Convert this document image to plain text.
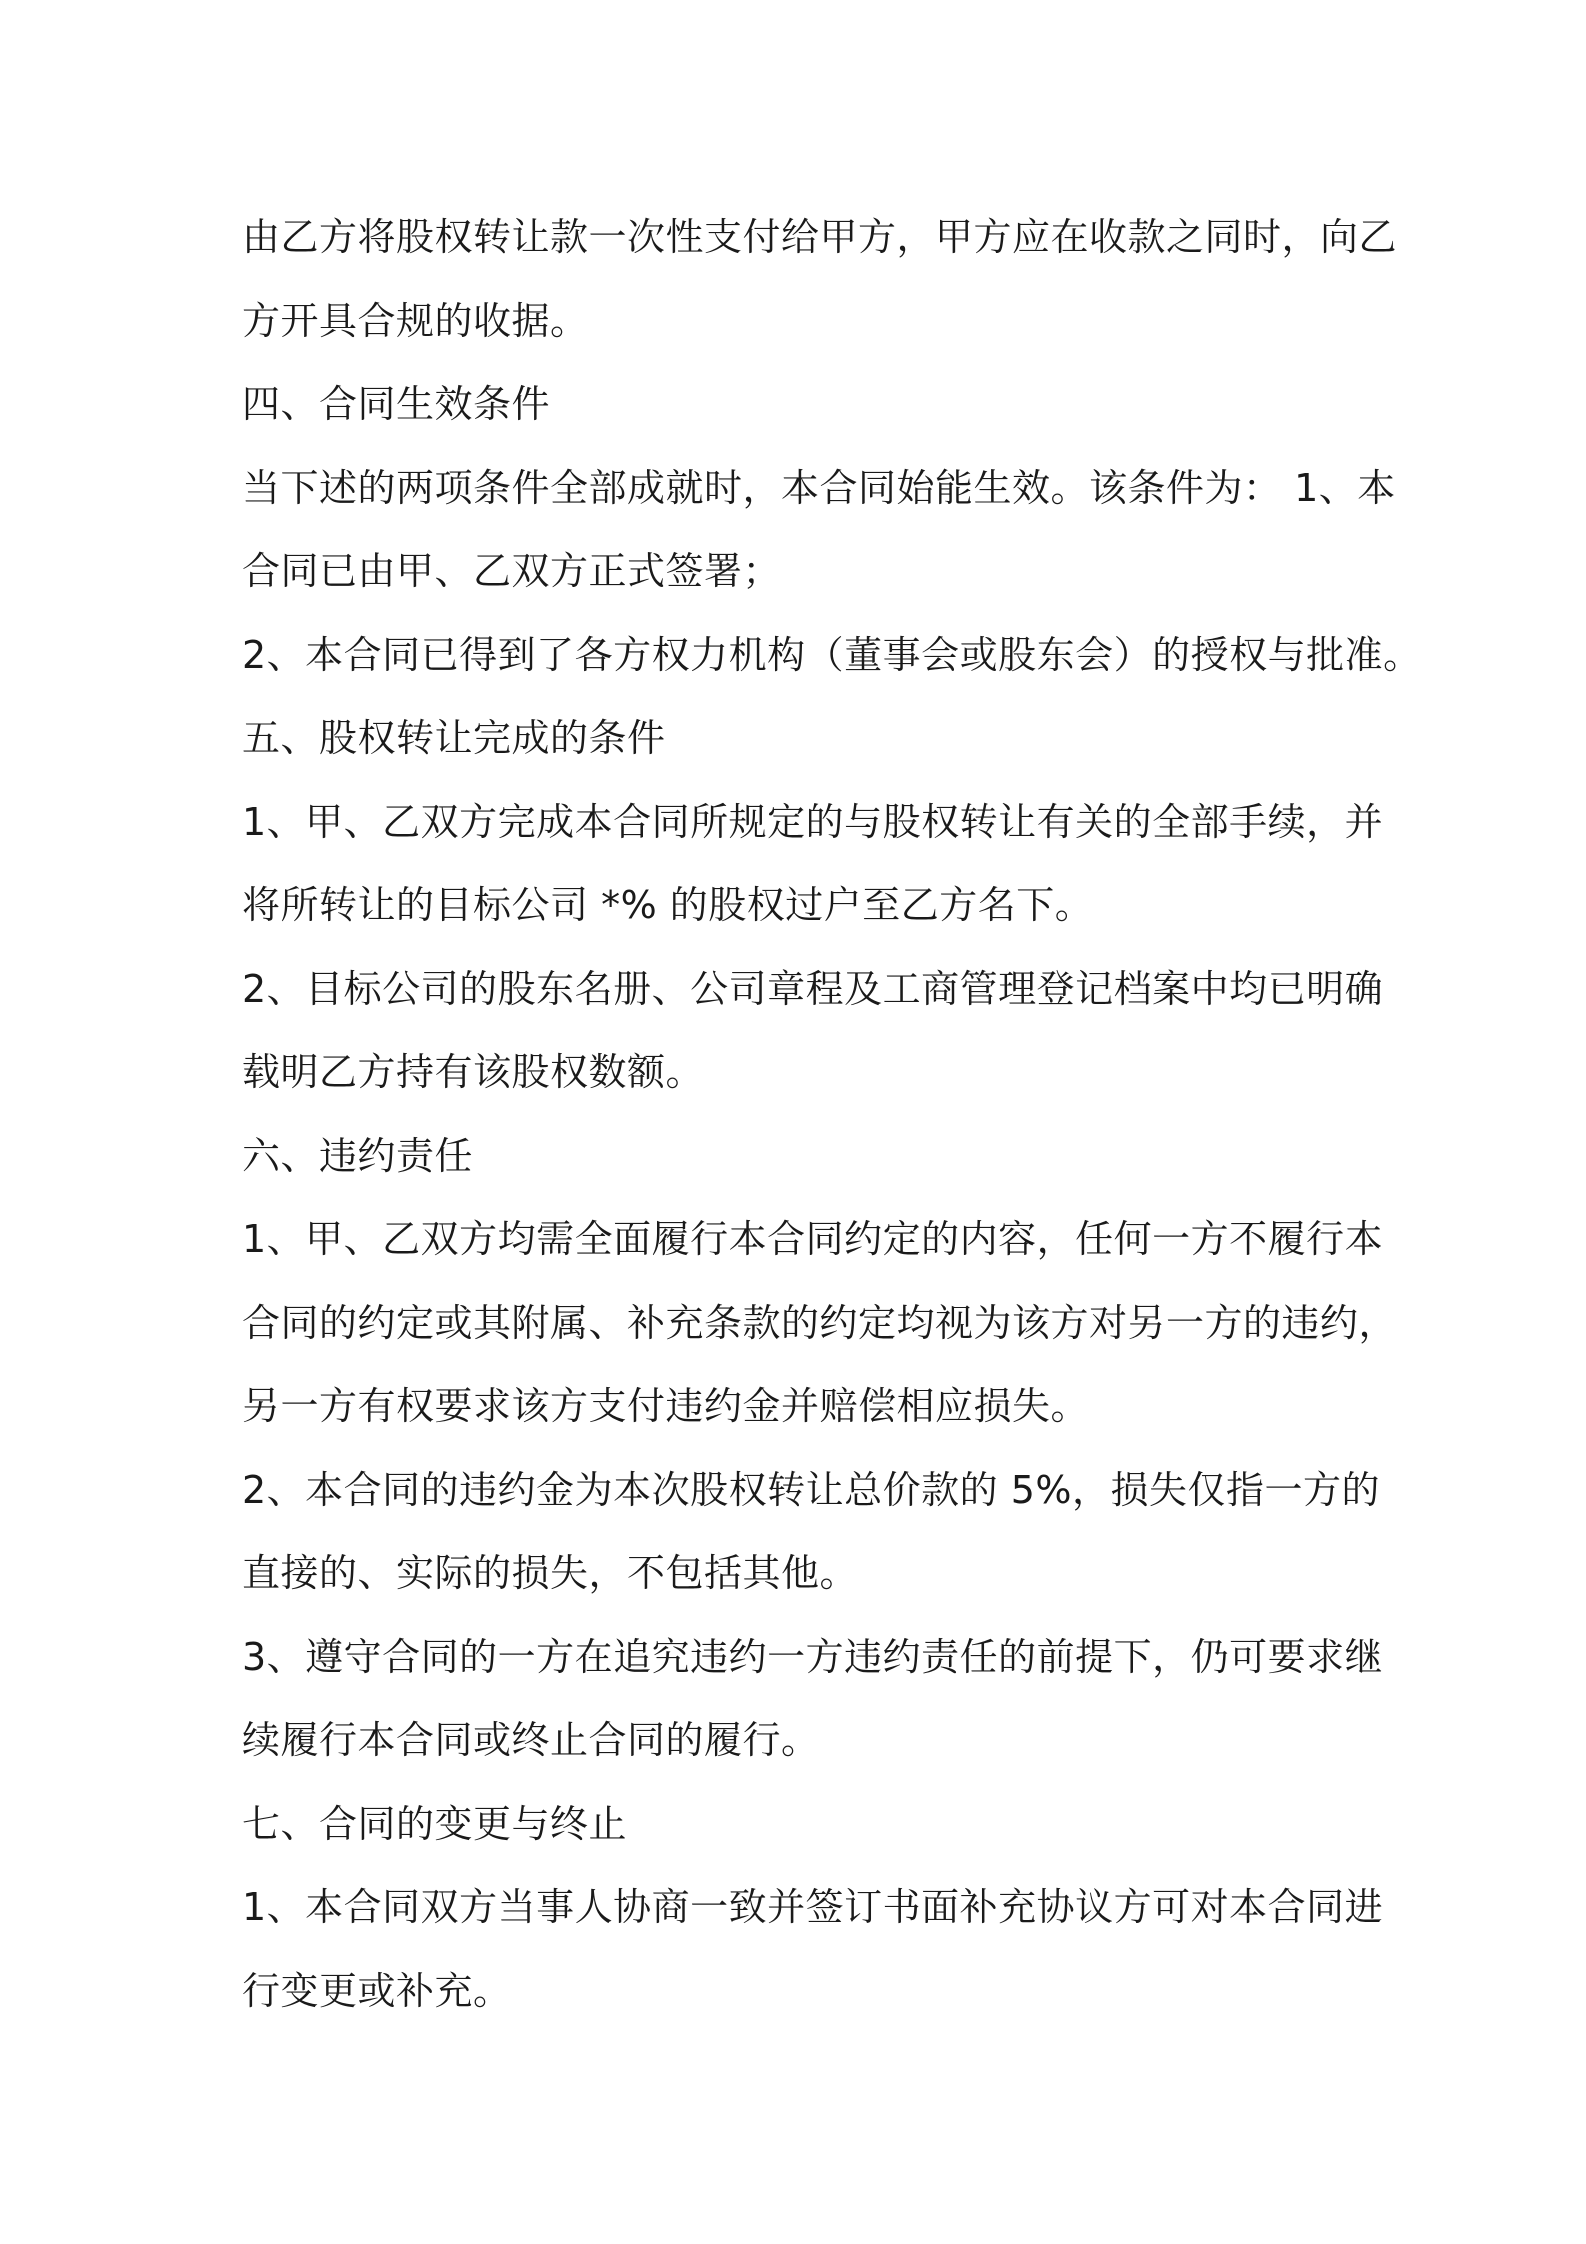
由乙方将股权转让款一次性支付给甲方，甲方应在收款之同时，向乙
方开具合规的收据。
四、合同生效条件
当下述的两项条件全部成就时，本合同始能生效。该条件为： 1、本
合同已由甲、乙双方正式签署；
2、本合同已得到了各方权力机构（董事会或股东会）的授权与批准。
五、股权转让完成的条件
1、甲、乙双方完成本合同所规定的与股权转让有关的全部手续，并
将所转让的目标公司 *% 的股权过户至乙方名下。
2、目标公司的股东名册、公司章程及工商管理登记档案中均已明确
载明乙方持有该股权数额。
六、违约责任
1、甲、乙双方均需全面履行本合同约定的内容，任何一方不履行本
合同的约定或其附属、补充条款的约定均视为该方对另一方的违约，
另一方有权要求该方支付违约金并赔偿相应损失。
2、本合同的违约金为本次股权转让总价款的 5%，损失仅指一方的
直接的、实际的损失，不包括其他。
3、遵守合同的一方在追究违约一方违约责任的前提下，仍可要求继
续履行本合同或终止合同的履行。
七、合同的变更与终止
1、本合同双方当事人协商一致并签订书面补充协议方可对本合同进
行变更或补充。
